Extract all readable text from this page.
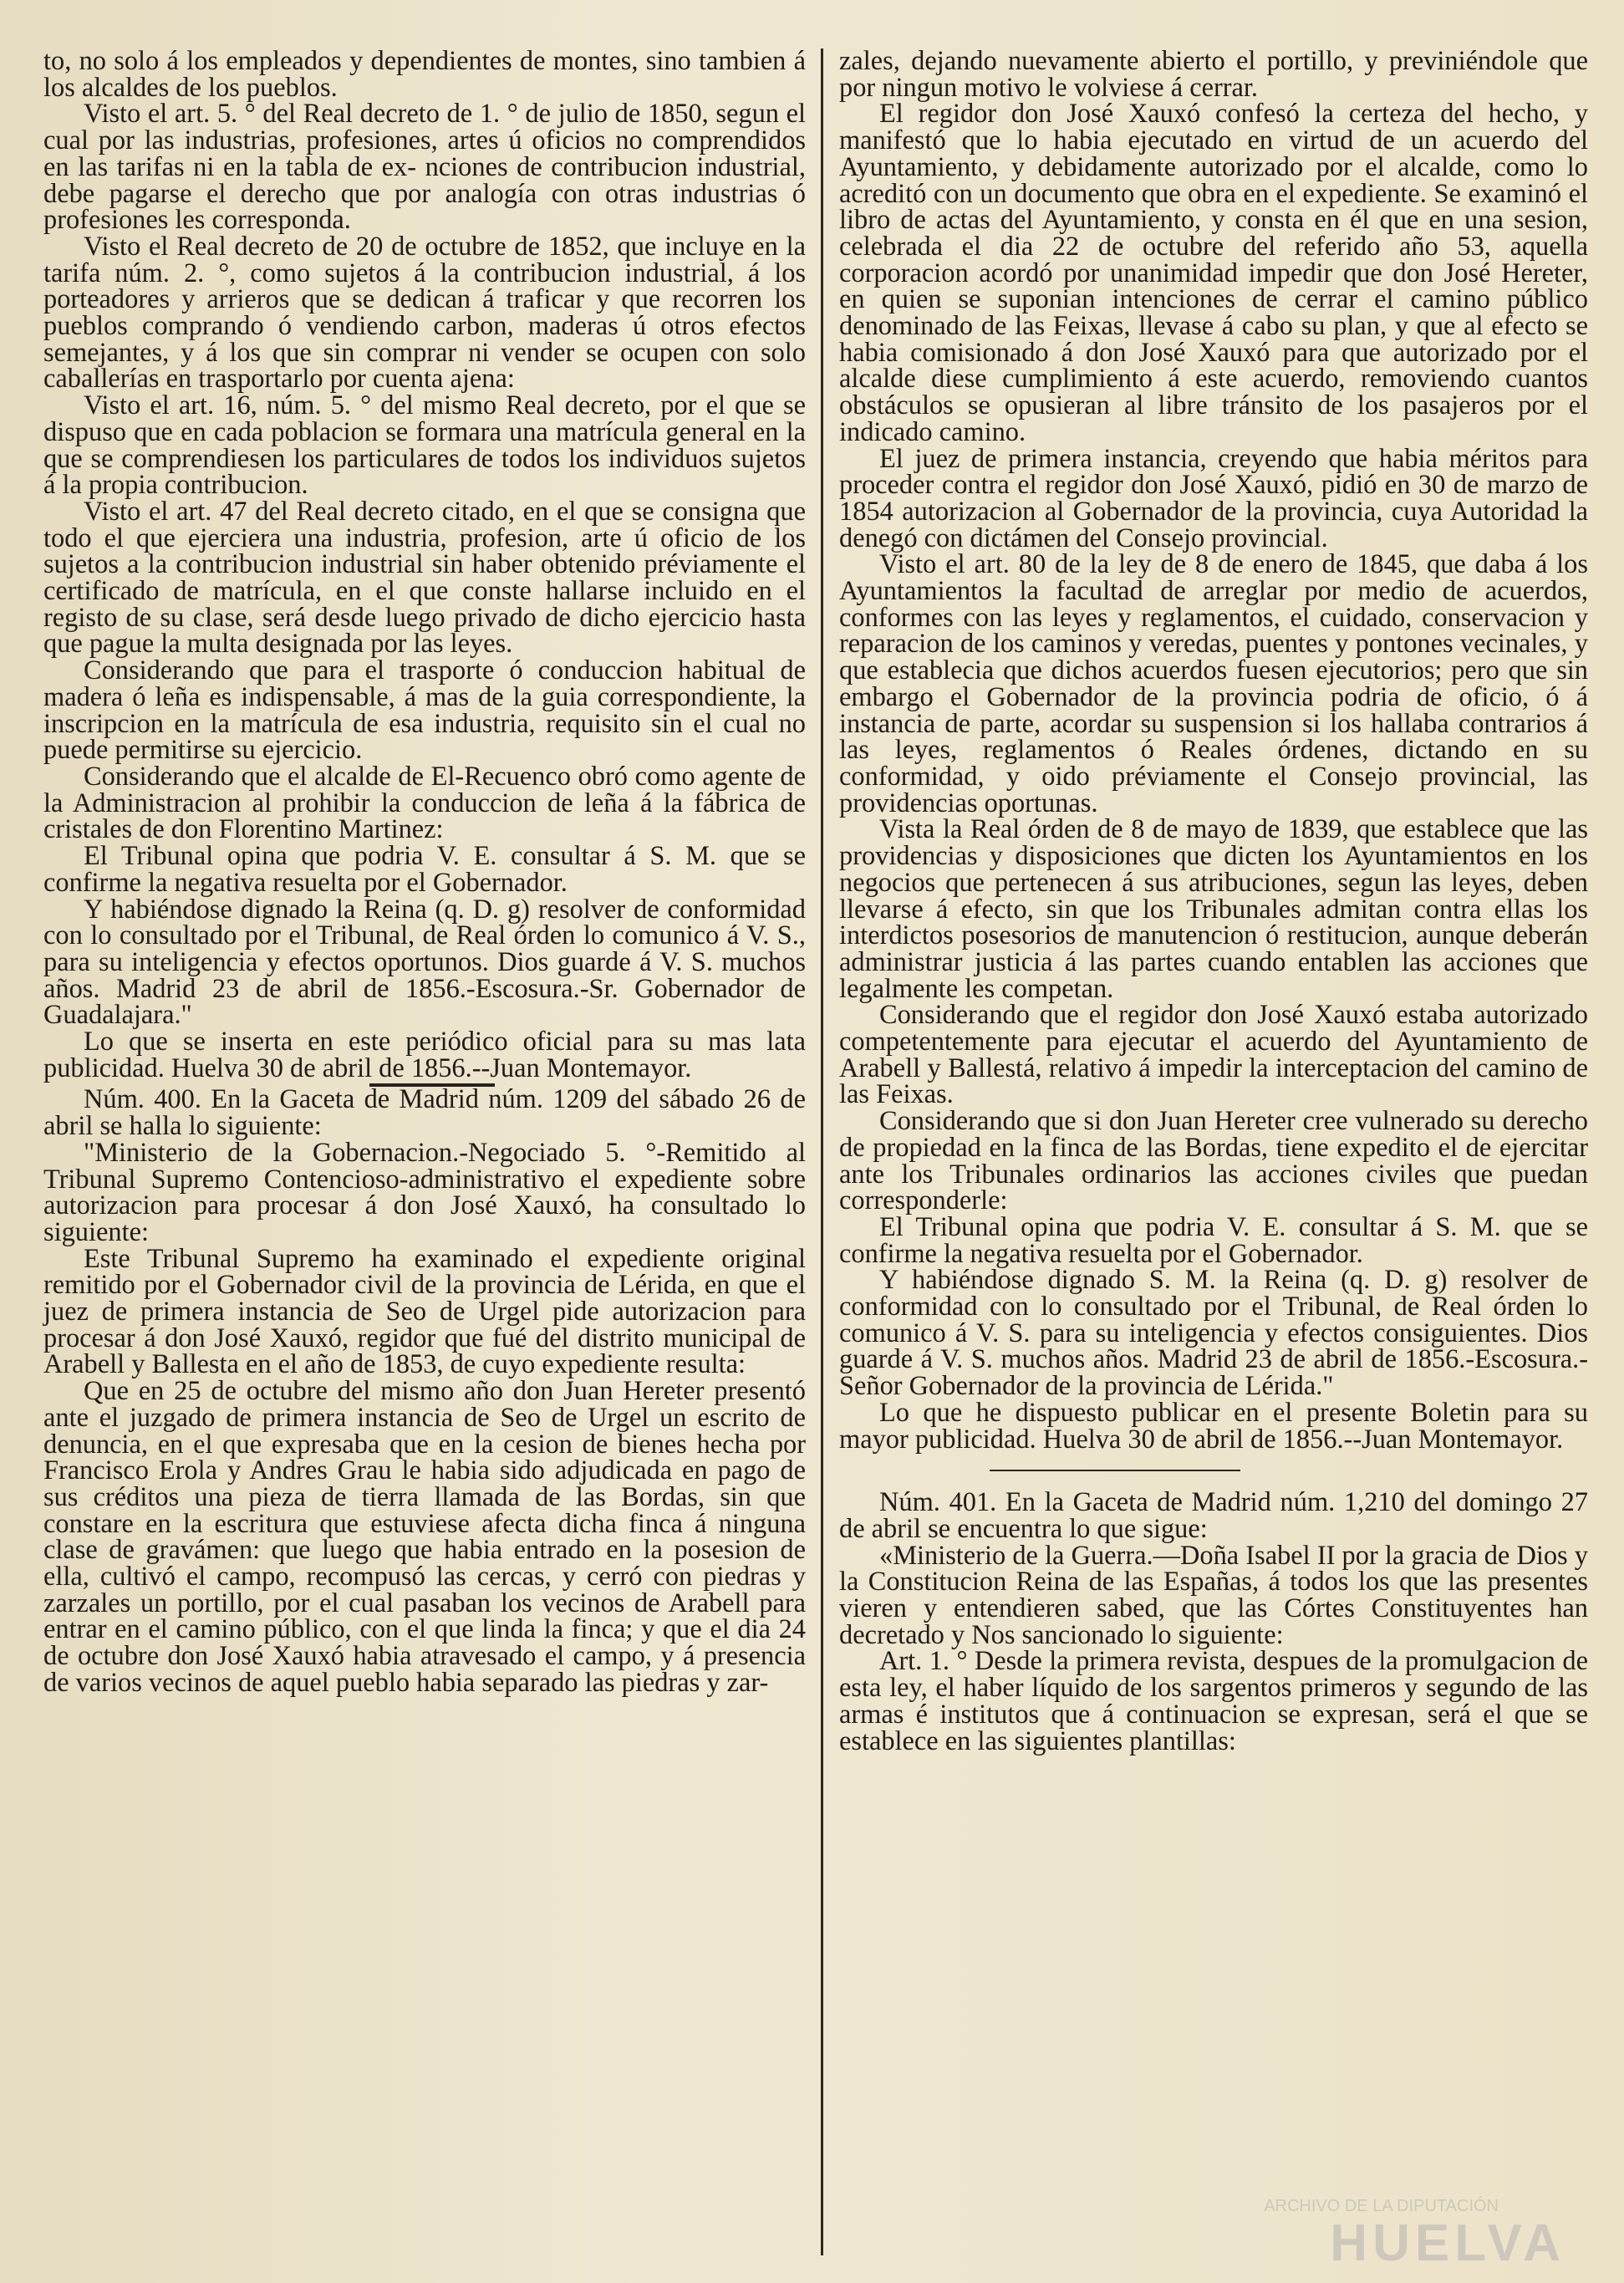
to, no solo á los empleados y dependientes de montes, sino tambien á los alcaldes de los pueblos.

Visto el art. 5. ° del Real decreto de 1. ° de julio de 1850, segun el cual por las industrias, profesiones, artes ú oficios no comprendidos en las tarifas ni en la tabla de ex‑ nciones de contribucion industrial, debe pagarse el derecho que por analogía con otras industrias ó profesiones les corresponda.

Visto el Real decreto de 20 de octubre de 1852, que incluye en la tarifa núm. 2. °, como sujetos á la contribucion industrial, á los porteadores y arrieros que se dedican á traficar y que recorren los pueblos comprando ó vendiendo carbon, maderas ú otros efectos semejantes, y á los que sin comprar ni vender se ocupen con solo caballerías en trasportarlo por cuenta ajena:

Visto el art. 16, núm. 5. ° del mismo Real decreto, por el que se dispuso que en cada poblacion se formara una matrícula general en la que se comprendiesen los particulares de todos los individuos sujetos á la propia contribucion.

Visto el art. 47 del Real decreto citado, en el que se consigna que todo el que ejerciera una industria, profesion, arte ú oficio de los sujetos a la contribucion industrial sin haber obtenido préviamente el certificado de matrícula, en el que conste hallarse incluido en el registo de su clase, será desde luego privado de dicho ejercicio hasta que pague la multa designada por las leyes.

Considerando que para el trasporte ó conduccion habitual de madera ó leña es indispensable, á mas de la guia correspondiente, la inscripcion en la matrícula de esa industria, requisito sin el cual no puede permitirse su ejercicio.

Considerando que el alcalde de El-Recuenco obró como agente de la Administracion al prohibir la conduccion de leña á la fábrica de cristales de don Florentino Martinez:

El Tribunal opina que podria V. E. consultar á S. M. que se confirme la negativa resuelta por el Gobernador.

Y habiéndose dignado la Reina (q. D. g) resolver de conformidad con lo consultado por el Tribunal, de Real órden lo comunico á V. S., para su inteligencia y efectos oportunos. Dios guarde á V. S. muchos años. Madrid 23 de abril de 1856.-Escosura.-Sr. Gobernador de Guadalajara."

Lo que se inserta en este periódico oficial para su mas lata publicidad. Huelva 30 de abril de 1856.--Juan Montemayor.

Núm. 400. En la Gaceta de Madrid núm. 1209 del sábado 26 de abril se halla lo siguiente:

"Ministerio de la Gobernacion.-Negociado 5. °-Remitido al Tribunal Supremo Contencioso-administrativo el expediente sobre autorizacion para procesar á don José Xauxó, ha consultado lo siguiente:

Este Tribunal Supremo ha examinado el expediente original remitido por el Gobernador civil de la provincia de Lérida, en que el juez de primera instancia de Seo de Urgel pide autorizacion para procesar á don José Xauxó, regidor que fué del distrito municipal de Arabell y Ballesta en el año de 1853, de cuyo expediente resulta:

Que en 25 de octubre del mismo año don Juan Hereter presentó ante el juzgado de primera instancia de Seo de Urgel un escrito de denuncia, en el que expresaba que en la cesion de bienes hecha por Francisco Erola y Andres Grau le habia sido adjudicada en pago de sus créditos una pieza de tierra llamada de las Bordas, sin que constare en la escritura que estuviese afecta dicha finca á ninguna clase de gravámen: que luego que habia entrado en la posesion de ella, cultivó el campo, recompusó las cercas, y cerró con piedras y zarzales un portillo, por el cual pasaban los vecinos de Arabell para entrar en el camino público, con el que linda la finca; y que el dia 24 de octubre don José Xauxó habia atravesado el campo, y á presencia de varios vecinos de aquel pueblo habia separado las piedras y zar-

zales, dejando nuevamente abierto el portillo, y previniéndole que por ningun motivo le volviese á cerrar.

El regidor don José Xauxó confesó la certeza del hecho, y manifestó que lo habia ejecutado en virtud de un acuerdo del Ayuntamiento, y debidamente autorizado por el alcalde, como lo acreditó con un documento que obra en el expediente. Se examinó el libro de actas del Ayuntamiento, y consta en él que en una sesion, celebrada el dia 22 de octubre del referido año 53, aquella corporacion acordó por unanimidad impedir que don José Hereter, en quien se suponian intenciones de cerrar el camino público denominado de las Feixas, llevase á cabo su plan, y que al efecto se habia comisionado á don José Xauxó para que autorizado por el alcalde diese cumplimiento á este acuerdo, removiendo cuantos obstáculos se opusieran al libre tránsito de los pasajeros por el indicado camino.

El juez de primera instancia, creyendo que habia méritos para proceder contra el regidor don José Xauxó, pidió en 30 de marzo de 1854 autorizacion al Gobernador de la provincia, cuya Autoridad la denegó con dictámen del Consejo provincial.

Visto el art. 80 de la ley de 8 de enero de 1845, que daba á los Ayuntamientos la facultad de arreglar por medio de acuerdos, conformes con las leyes y reglamentos, el cuidado, conservacion y reparacion de los caminos y veredas, puentes y pontones vecinales, y que establecia que dichos acuerdos fuesen ejecutorios; pero que sin embargo el Gobernador de la provincia podria de oficio, ó á instancia de parte, acordar su suspension si los hallaba contrarios á las leyes, reglamentos ó Reales órdenes, dictando en su conformidad, y oido préviamente el Consejo provincial, las providencias oportunas.

Vista la Real órden de 8 de mayo de 1839, que establece que las providencias y disposiciones que dicten los Ayuntamientos en los negocios que pertenecen á sus atribuciones, segun las leyes, deben llevarse á efecto, sin que los Tribunales admitan contra ellas los interdictos posesorios de manutencion ó restitucion, aunque deberán administrar justicia á las partes cuando entablen las acciones que legalmente les competan.

Considerando que el regidor don José Xauxó estaba autorizado competentemente para ejecutar el acuerdo del Ayuntamiento de Arabell y Ballestá, relativo á impedir la interceptacion del camino de las Feixas.

Considerando que si don Juan Hereter cree vulnerado su derecho de propiedad en la finca de las Bordas, tiene expedito el de ejercitar ante los Tribunales ordinarios las acciones civiles que puedan corresponderle:

El Tribunal opina que podria V. E. consultar á S. M. que se confirme la negativa resuelta por el Gobernador.

Y habiéndose dignado S. M. la Reina (q. D. g) resolver de conformidad con lo consultado por el Tribunal, de Real órden lo comunico á V. S. para su inteligencia y efectos consiguientes. Dios guarde á V. S. muchos años. Madrid 23 de abril de 1856.-Escosura.-Señor Gobernador de la provincia de Lérida."

Lo que he dispuesto publicar en el presente Boletin para su mayor publicidad. Huelva 30 de abril de 1856.--Juan Montemayor.

Núm. 401. En la Gaceta de Madrid núm. 1,210 del domingo 27 de abril se encuentra lo que sigue:

«Ministerio de la Guerra.—Doña Isabel II por la gracia de Dios y la Constitucion Reina de las Españas, á todos los que las presentes vieren y entendieren sabed, que las Córtes Constituyentes han decretado y Nos sancionado lo siguiente:

Art. 1. ° Desde la primera revista, despues de la promulgacion de esta ley, el haber líquido de los sargentos primeros y segundo de las armas é institutos que á continuacion se expresan, será el que se establece en las siguientes plantillas:

ARCHIVO DE LA DIPUTACIÓN
HUELVA
